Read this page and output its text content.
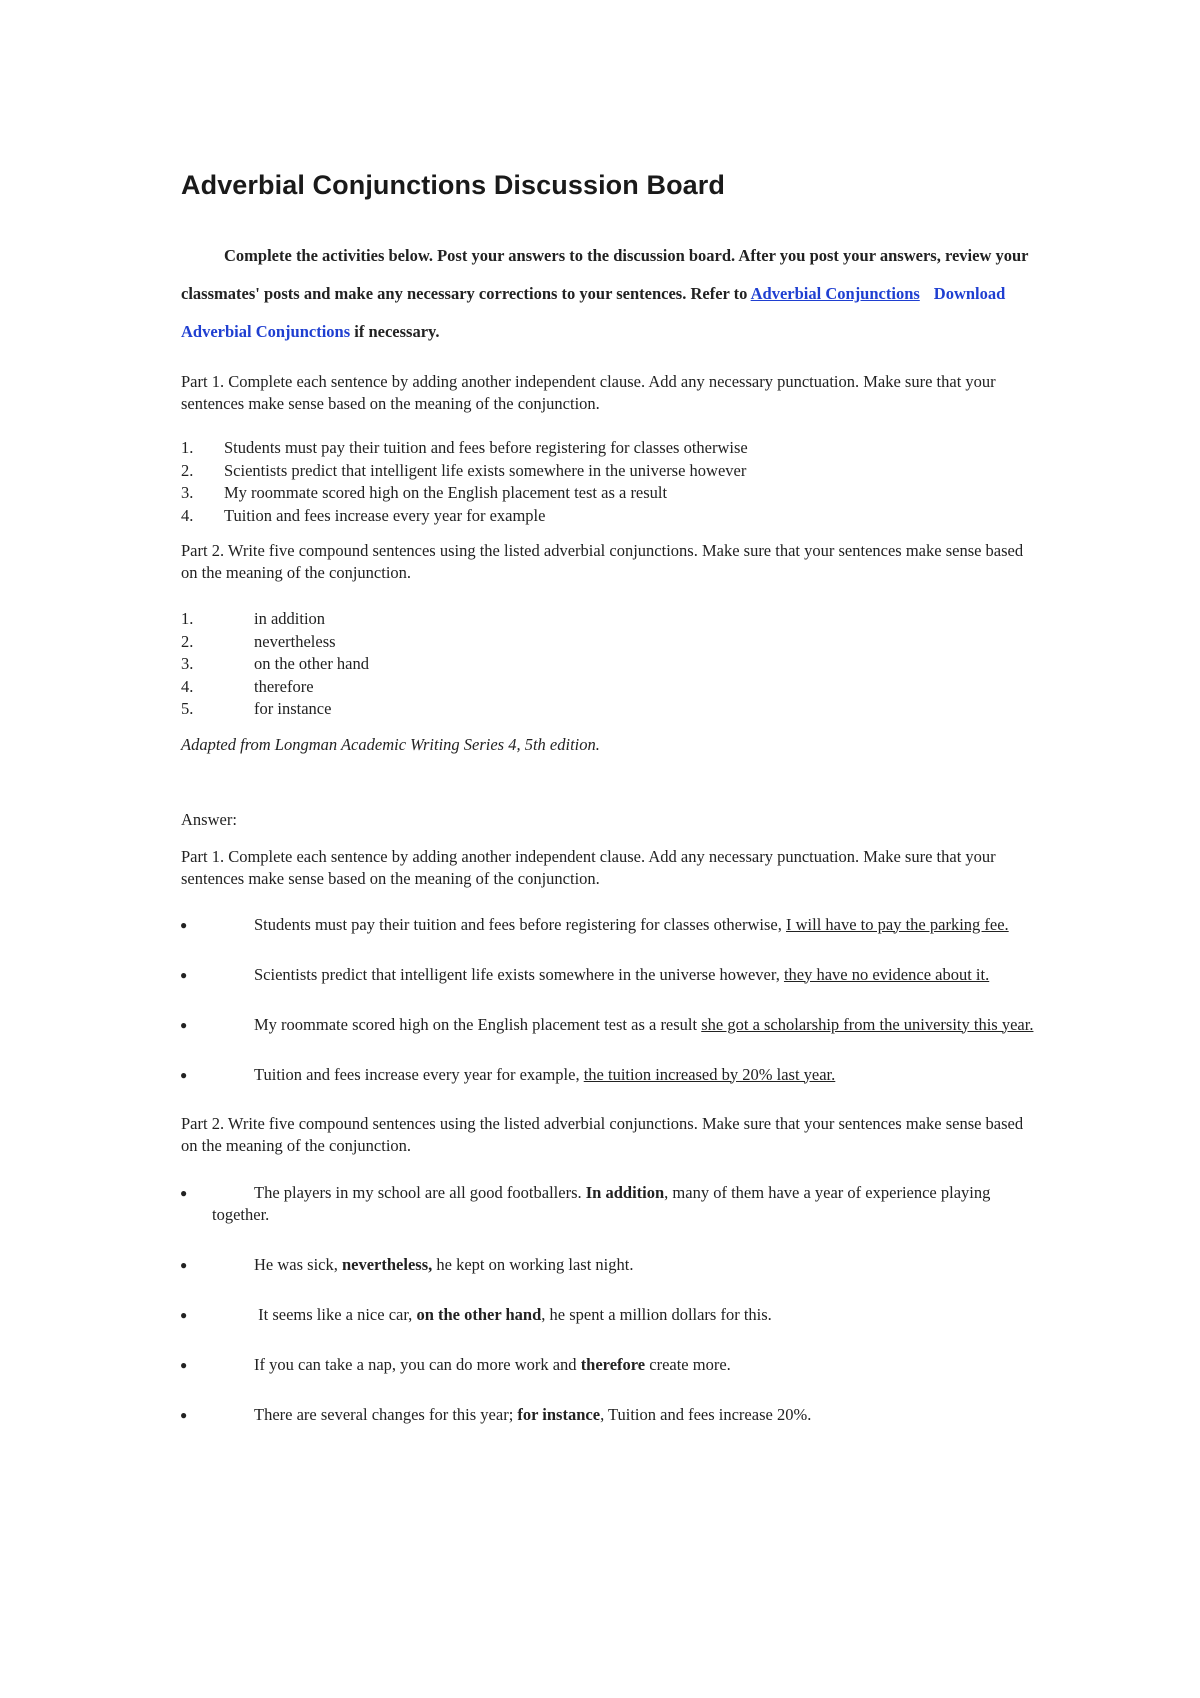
Adverbial Conjunctions Discussion Board

Complete the activities below. Post your answers to the discussion board. After you post your answers, review your classmates' posts and make any necessary corrections to your sentences. Refer to Adverbial Conjunctions Download Adverbial Conjunctions if necessary.

Part 1. Complete each sentence by adding another independent clause. Add any necessary punctuation. Make sure that your sentences make sense based on the meaning of the conjunction.

1. Students must pay their tuition and fees before registering for classes otherwise
2. Scientists predict that intelligent life exists somewhere in the universe however
3. My roommate scored high on the English placement test as a result
4. Tuition and fees increase every year for example

Part 2. Write five compound sentences using the listed adverbial conjunctions. Make sure that your sentences make sense based on the meaning of the conjunction.

1.	in addition
2.	nevertheless
3.	on the other hand
4.	therefore
5.	for instance

Adapted from Longman Academic Writing Series 4, 5th edition.

Answer:

Part 1. Complete each sentence by adding another independent clause. Add any necessary punctuation. Make sure that your sentences make sense based on the meaning of the conjunction.

●	Students must pay their tuition and fees before registering for classes otherwise, I will have to pay the parking fee.
●	Scientists predict that intelligent life exists somewhere in the universe however, they have no evidence about it.
●	My roommate scored high on the English placement test as a result she got a scholarship from the university this year.
●	Tuition and fees increase every year for example, the tuition increased by 20% last year.

Part 2. Write five compound sentences using the listed adverbial conjunctions. Make sure that your sentences make sense based on the meaning of the conjunction.

●	The players in my school are all good footballers. In addition, many of them have a year of experience playing together.
●	He was sick, nevertheless, he kept on working last night.
●	It seems like a nice car, on the other hand, he spent a million dollars for this.
●	If you can take a nap, you can do more work and therefore create more.
●	There are several changes for this year; for instance, Tuition and fees increase 20%.
